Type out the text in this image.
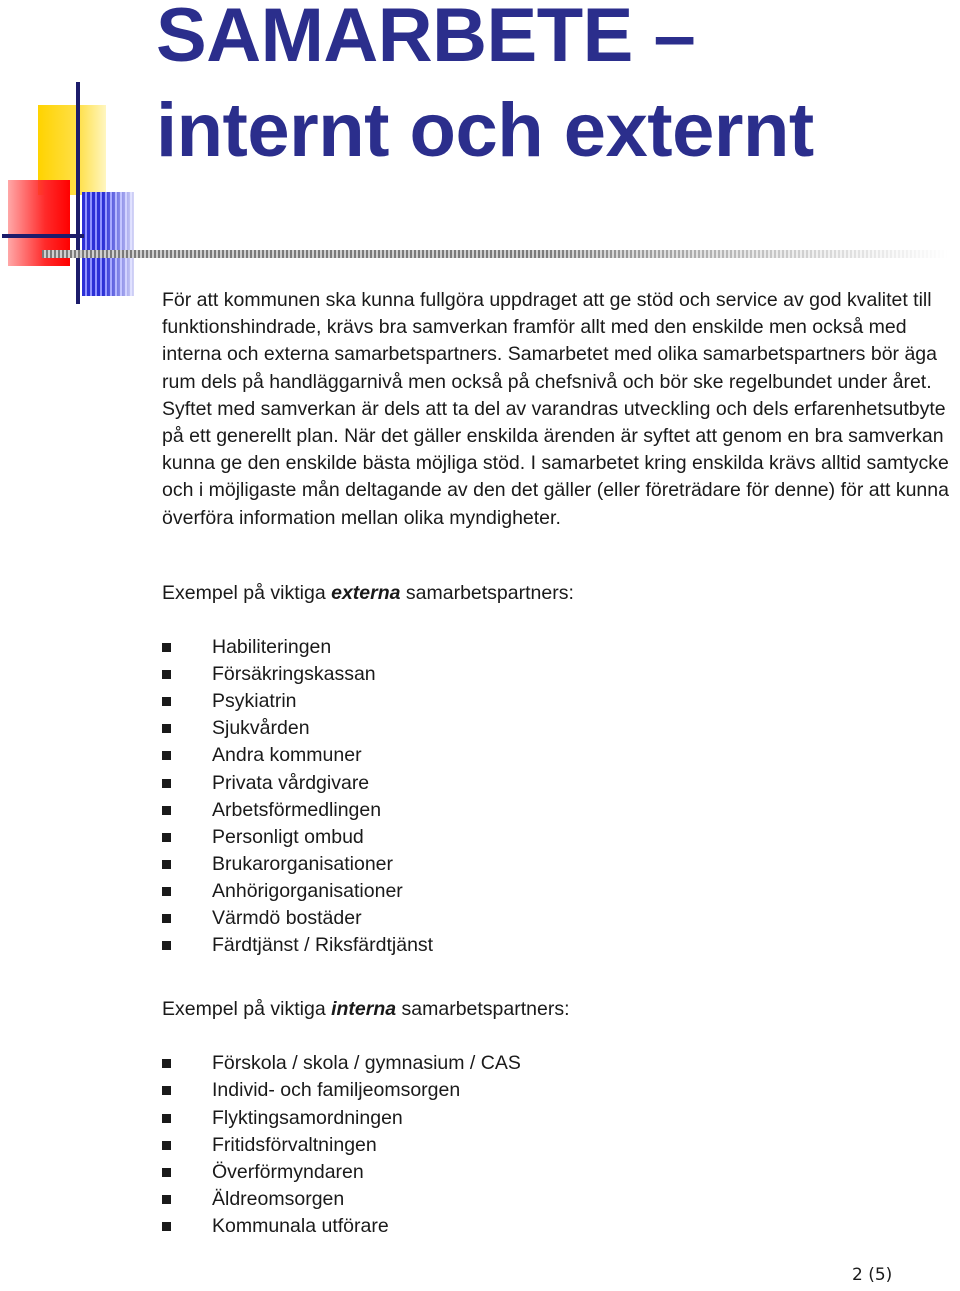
SAMARBETE –
internt och externt

För att kommunen ska kunna fullgöra uppdraget att ge stöd och service av god kvalitet till funktionshindrade, krävs bra samverkan framför allt med den enskilde men också med interna och externa samarbetspartners. Samarbetet med olika samarbetspartners bör äga rum dels på handläggarnivå men också på chefsnivå och bör ske regelbundet under året. Syftet med samverkan är dels att ta del av varandras utveckling och dels erfarenhetsutbyte på ett generellt plan. När det gäller enskilda ärenden är syftet att genom en bra samverkan kunna ge den enskilde bästa möjliga stöd. I samarbetet kring enskilda krävs alltid samtycke och i möjligaste mån deltagande av den det gäller (eller företrädare för denne) för att kunna överföra information mellan olika myndigheter.

Exempel på viktiga externa samarbetspartners:

Habiliteringen
Försäkringskassan
Psykiatrin
Sjukvården
Andra kommuner
Privata vårdgivare
Arbetsförmedlingen
Personligt ombud
Brukarorganisationer
Anhörigorganisationer
Värmdö bostäder
Färdtjänst / Riksfärdtjänst

Exempel på viktiga interna samarbetspartners:

Förskola / skola / gymnasium / CAS
Individ- och familjeomsorgen
Flyktingsamordningen
Fritidsförvaltningen
Överförmyndaren
Äldreomsorgen
Kommunala utförare
2 (5)
